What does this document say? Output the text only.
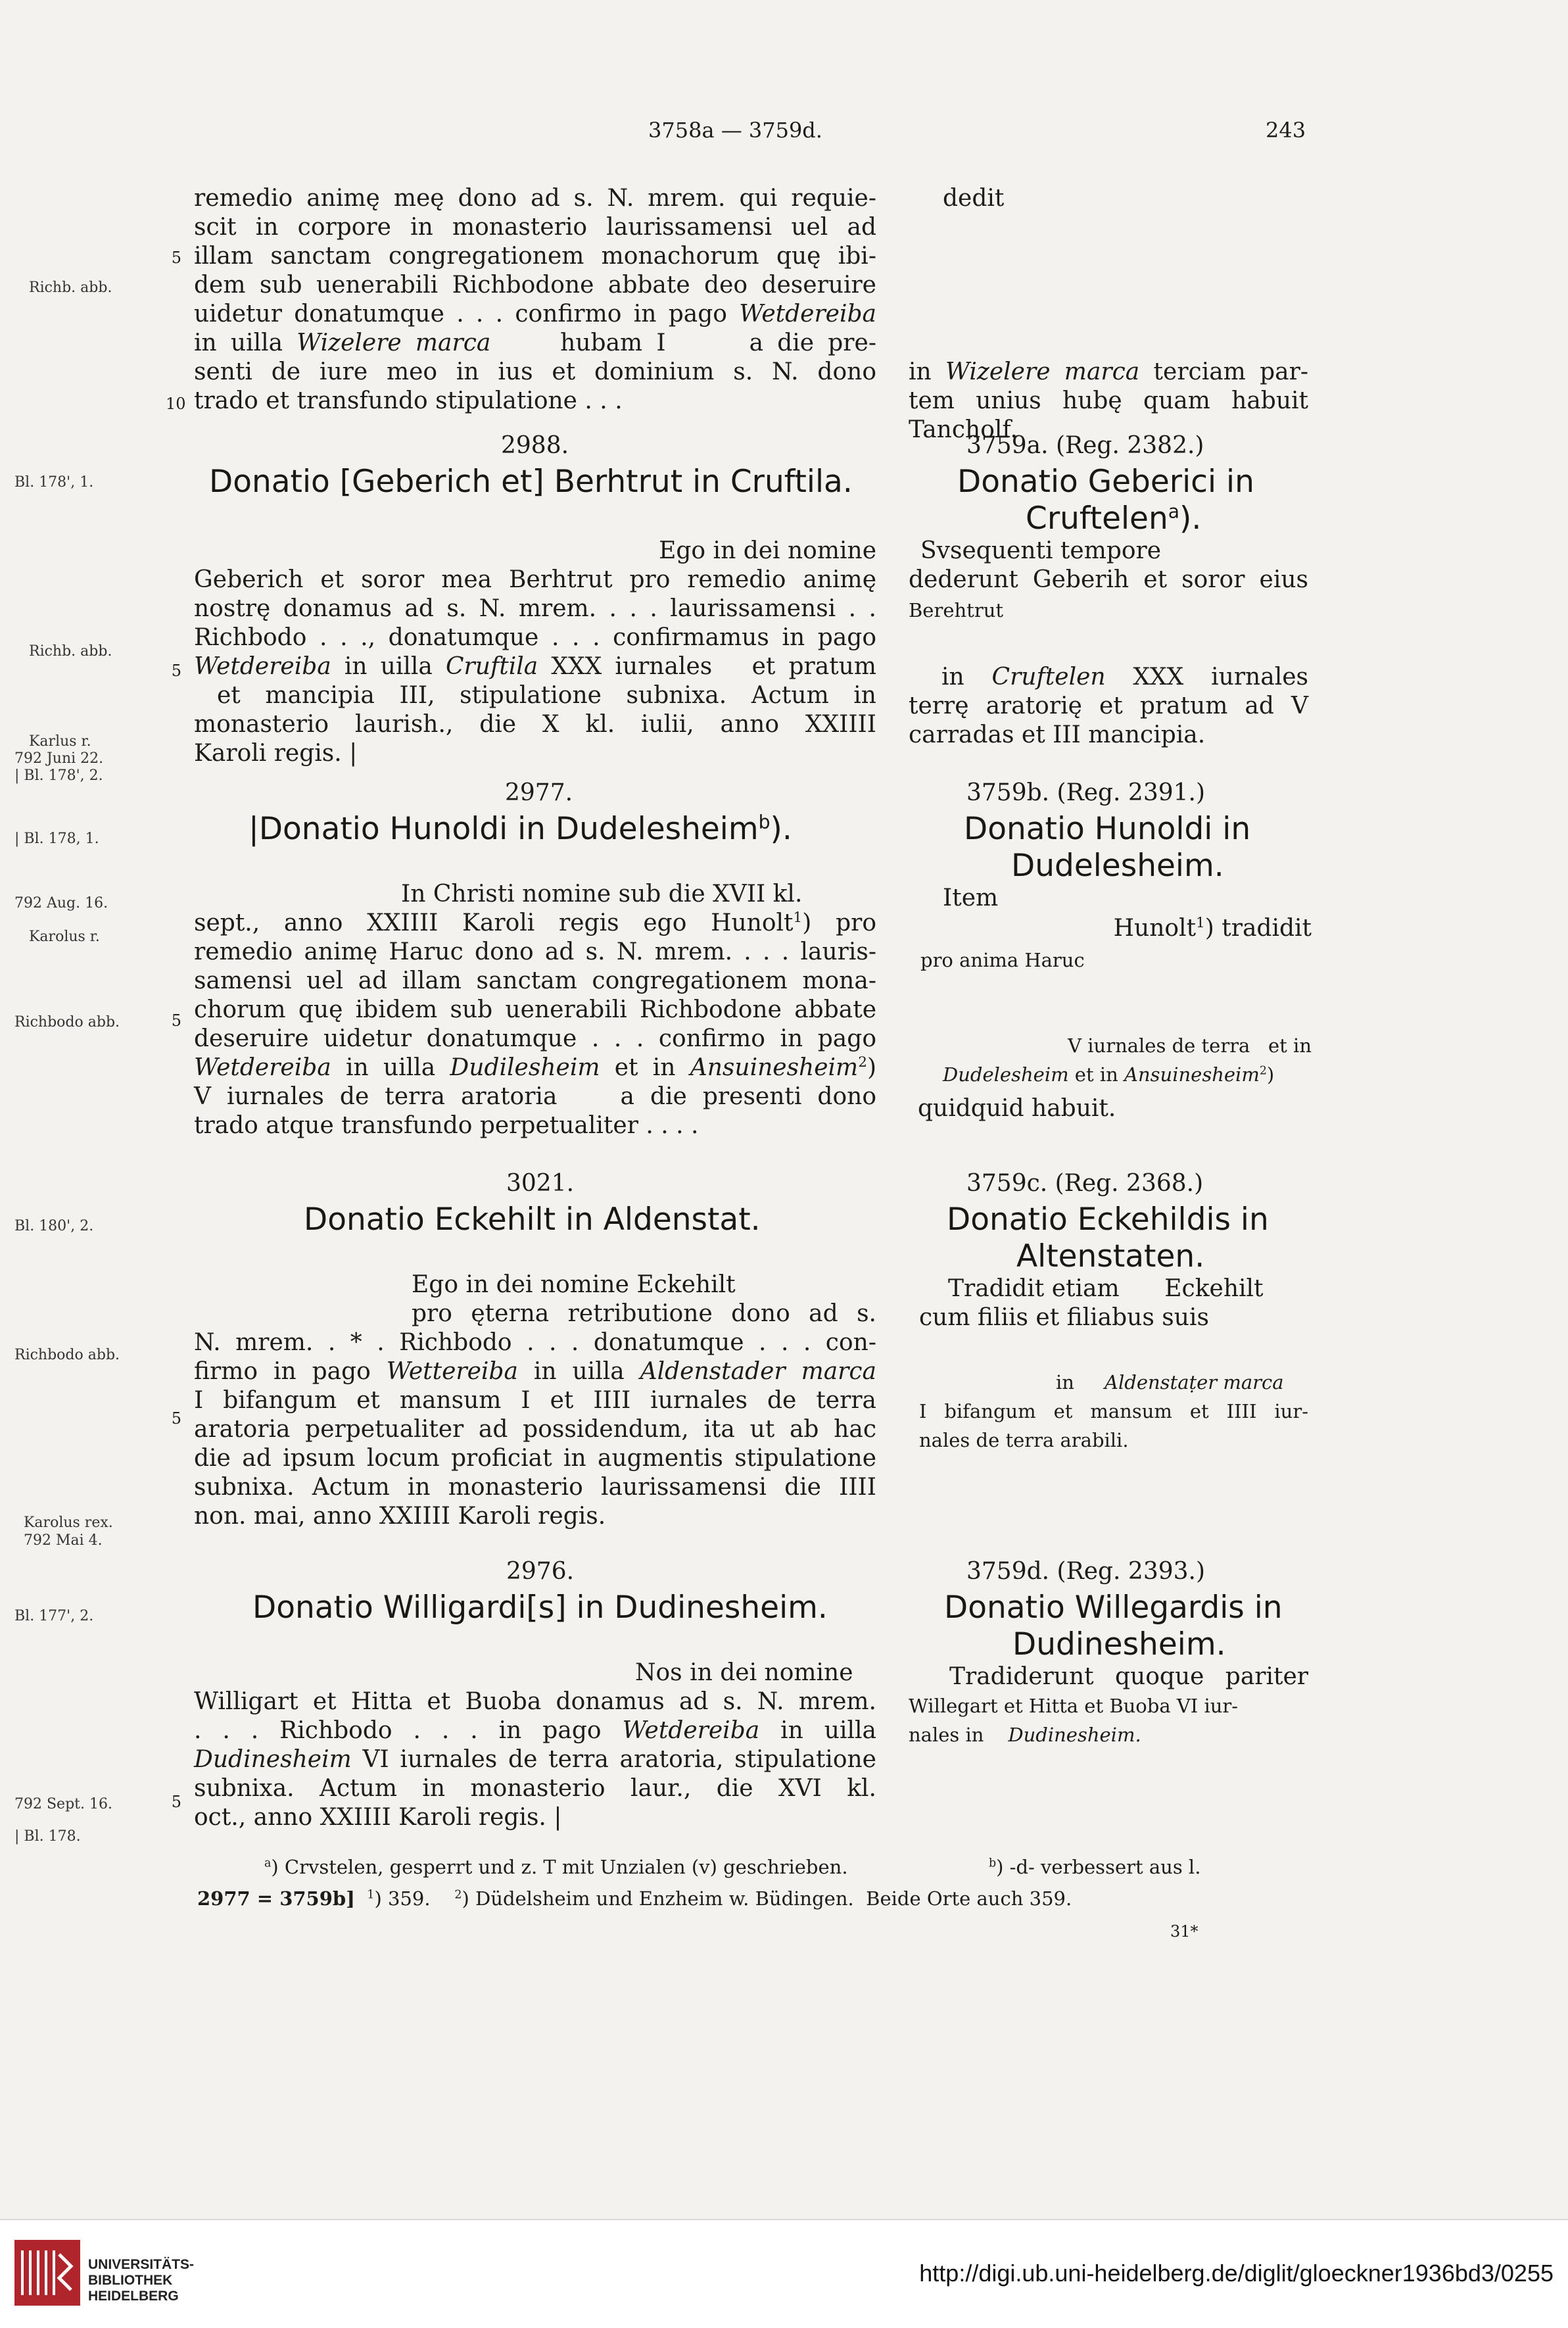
3758a — 3759d.	243
5
10
5
5
5
5
Richb. abb.
Bl. 178', 1.
Richb. abb.
Karlus r.
792 Juni 22.
| Bl. 178', 2.
| Bl. 178, 1.
792 Aug. 16.
Karolus r.
Richbodo abb.
Bl. 180', 2.
Richbodo abb.
Karolus rex.
792 Mai 4.
Bl. 177', 2.
792 Sept. 16.
| Bl. 178.
remedio animę meę dono ad s. N. mrem. qui requie-
scit in corpore in monasterio laurissamensi uel ad
illam sanctam congregationem monachorum quę ibi-
dem sub uenerabili Richbodone abbate deo deseruire
uidetur donatumque . . . confirmo in pago Wetdereiba
in uilla Wizelere marca     hubam I      a die pre-
senti de iure meo in ius et dominium s. N. dono
trado et transfundo stipulatione . . .
2988.
Donatio [Geberich et] Berhtrut in Cruftila.
Ego in dei nomine
Geberich et soror mea Berhtrut pro remedio animę
nostrę donamus ad s. N. mrem. . . . laurissamensi . .
Richbodo . . ., donatumque . . . confirmamus in pago
Wetdereiba in uilla Cruftila XXX iurnales   et pratum
et mancipia III, stipulatione subnixa. Actum in
monasterio laurish., die X kl. iulii, anno XXIIII
Karoli regis. |
2977.
|Donatio Hunoldi in Dudelesheim$^b$).
In Christi nomine sub die XVII kl.
sept., anno XXIIII Karoli regis ego Hunolt$^1$) pro
remedio animę Haruc dono ad s. N. mrem. . . . lauris-
samensi uel ad illam sanctam congregationem mona-
chorum quę ibidem sub uenerabili Richbodone abbate
deseruire uidetur donatumque . . . confirmo in pago
Wetdereiba in uilla Dudilesheim et in Ansuinesheim$^2$)
V iurnales de terra aratoria    a die presenti dono
trado atque transfundo perpetualiter . . . .
3021.
Donatio Eckehilt in Aldenstat.
Ego in dei nomine Eckehilt
pro ęterna retributione dono ad s.
N. mrem. . * . Richbodo . . . donatumque . . . con-
firmo in pago Wettereiba in uilla Aldenstader marca
I bifangum et mansum I et IIII iurnales de terra
aratoria perpetualiter ad possidendum, ita ut ab hac
die ad ipsum locum proficiat in augmentis stipulatione
subnixa. Actum in monasterio laurissamensi die IIII
non. mai, anno XXIIII Karoli regis.
2976.
Donatio Willigardi[s] in Dudinesheim.
Nos in dei nomine
Willigart et Hitta et Buoba donamus ad s. N. mrem.
. . . Richbodo . . . in pago Wetdereiba in uilla
Dudinesheim VI iurnales de terra aratoria, stipulatione
subnixa. Actum in monasterio laur., die XVI kl.
oct., anno XXIIII Karoli regis. |
dedit
in Wizelere marca terciam par-
tem unius hubę quam habuit
Tancholf.
3759a. (Reg. 2382.)
Donatio Geberici in
Cruftelen$^a$).
Svsequenti tempore
dederunt Geberih et soror eius
Berehtrut
in Cruftelen XXX iurnales
terrę aratorię et pratum ad V
carradas et III mancipia.
3759b. (Reg. 2391.)
Donatio Hunoldi in
Dudelesheim.
Item
Hunolt$^1$) tradidit
pro anima Haruc
V iurnales de terra   et in
Dudelesheim et in Ansuinesheim$^2$)
quidquid habuit.
3759c. (Reg. 2368.)
Donatio Eckehildis in
Altenstaten.
Tradidit etiam      Eckehilt
cum filiis et filiabus suis
in     Aldenstaṭer marca
I bifangum et mansum et IIII iur-
nales de terra arabili.
3759d. (Reg. 2393.)
Donatio Willegardis in
Dudinesheim.
Tradiderunt quoque pariter
Willegart et Hitta et Buoba VI iur-
nales in    Dudinesheim.
$^a$) Crvstelen, gesperrt und z. T mit Unzialen (v) geschrieben.	$^b$) -d- verbessert aus l.
2977 = 3759b] $^1$) 359.    $^2$) Düdelsheim und Enzheim w. Büdingen.  Beide Orte auch 359.
31*
UNIVERSITÄTS-
BIBLIOTHEK
HEIDELBERG
http://digi.ub.uni-heidelberg.de/diglit/gloeckner1936bd3/0255
